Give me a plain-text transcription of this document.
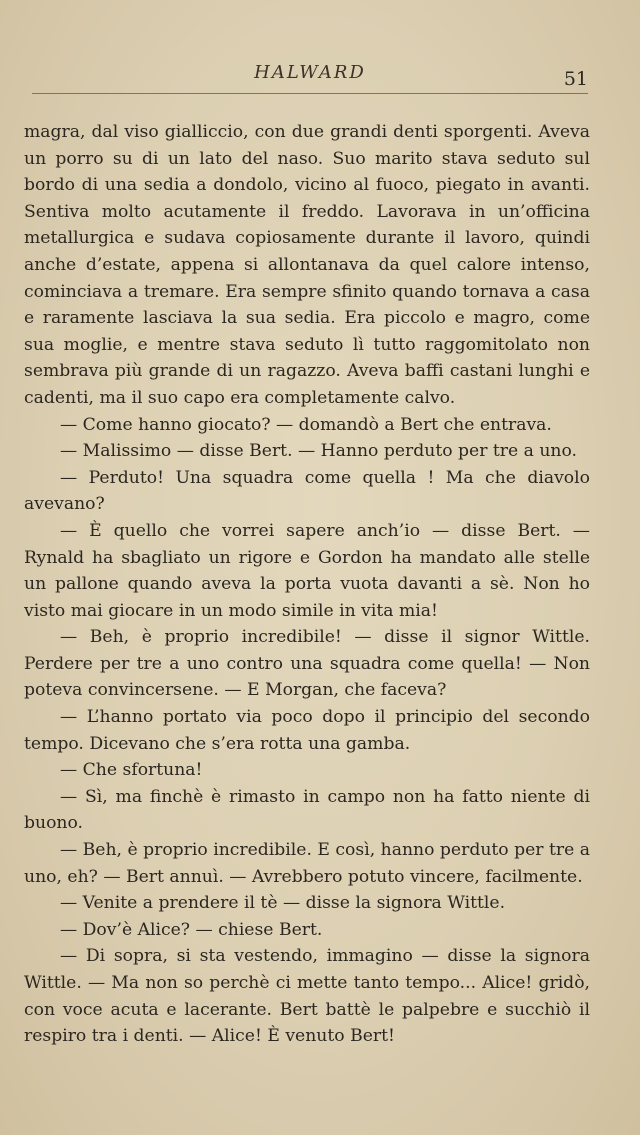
HALWARD	51

magra, dal viso gialliccio, con due grandi denti sporgenti. Aveva un porro su di un lato del naso. Suo marito stava seduto sul bordo di una sedia a dondolo, vicino al fuoco, piegato in avanti. Sentiva molto acutamente il freddo. Lavorava in un’officina metallurgica e sudava copiosamente durante il lavoro, quindi anche d’estate, appena si allontanava da quel calore intenso, cominciava a tremare. Era sempre sfinito quando tornava a casa e raramente lasciava la sua sedia. Era piccolo e magro, come sua moglie, e mentre stava seduto lì tutto raggomitolato non sembrava più grande di un ragazzo. Aveva baffi castani lunghi e cadenti, ma il suo capo era completamente calvo.

— Come hanno giocato? — domandò a Bert che entrava.

— Malissimo — disse Bert. — Hanno perduto per tre a uno.

— Perduto! Una squadra come quella ! Ma che diavolo avevano?

— È quello che vorrei sapere anch’io — disse Bert. — Rynald ha sbagliato un rigore e Gordon ha mandato alle stelle un pallone quando aveva la porta vuota davanti a sè. Non ho visto mai giocare in un modo simile in vita mia!

— Beh, è proprio incredibile! — disse il signor Wittle. Perdere per tre a uno contro una squadra come quella! — Non poteva convincersene. — E Morgan, che faceva?

— L’hanno portato via poco dopo il principio del secondo tempo. Dicevano che s’era rotta una gamba.

— Che sfortuna!

— Sì, ma finchè è rimasto in campo non ha fatto niente di buono.

— Beh, è proprio incredibile. E così, hanno perduto per tre a uno, eh? — Bert annuì. — Avrebbero potuto vincere, facilmente.

— Venite a prendere il tè — disse la signora Wittle.

— Dov’è Alice? — chiese Bert.

— Di sopra, si sta vestendo, immagino — disse la signora Wittle. — Ma non so perchè ci mette tanto tempo... Alice! gridò, con voce acuta e lacerante. Bert battè le palpebre e succhiò il respiro tra i denti. — Alice! È venuto Bert!
